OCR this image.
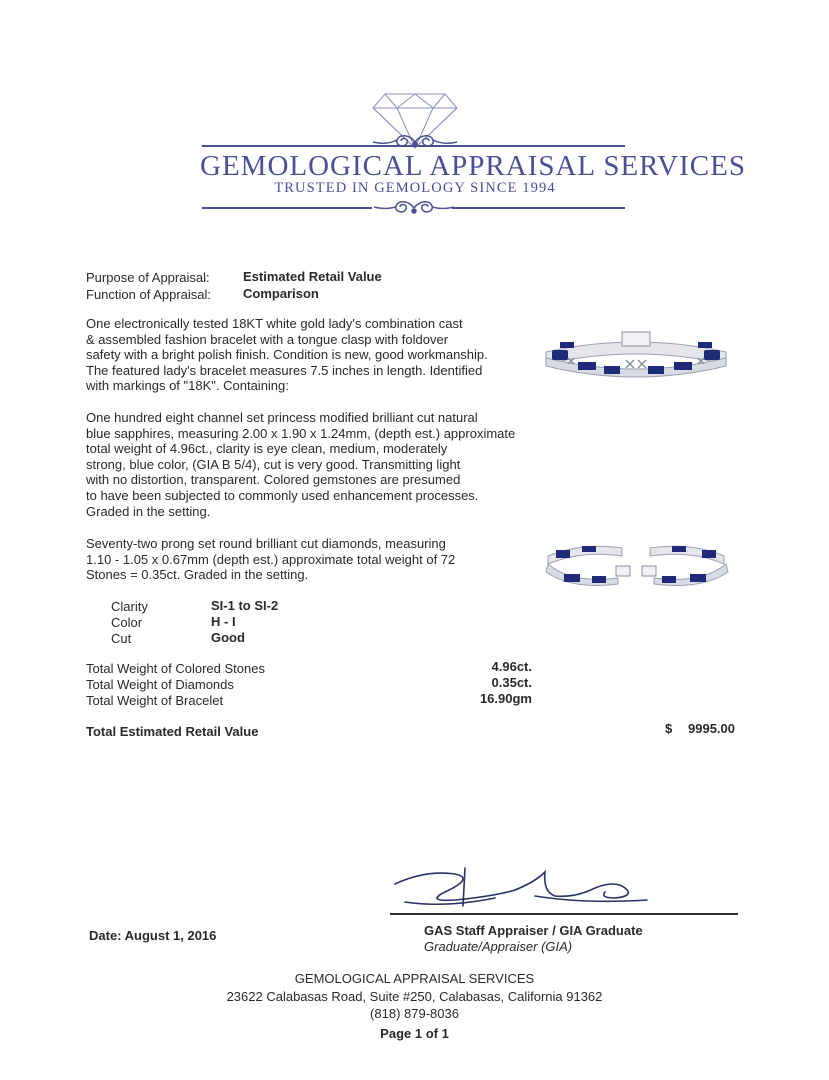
GEMOLOGICAL APPRAISAL SERVICES
TRUSTED IN GEMOLOGY SINCE 1994
Purpose of Appraisal:	Estimated Retail Value
Function of Appraisal: Comparison
One electronically tested 18KT white gold lady's combination cast
& assembled fashion bracelet with a tongue clasp with foldover
safety with a bright polish finish. Condition is new, good workmanship.
The featured lady's bracelet measures 7.5 inches in length. Identified
with markings of "18K". Containing:
One hundred eight channel set princess modified brilliant cut natural
blue sapphires, measuring 2.00 x 1.90 x 1.24mm, (depth est.) approximate
total weight of 4.96ct., clarity is eye clean, medium, moderately
strong, blue color, (GIA B 5/4), cut is very good. Transmitting light
with no distortion, transparent. Colored gemstones are presumed
to have been subjected to commonly used enhancement processes.
Graded in the setting.
Seventy-two prong set round brilliant cut diamonds, measuring
1.10 - 1.05 x 0.67mm (depth est.) approximate total weight of 72
Stones = 0.35ct. Graded in the setting.
Clarity	SI-1 to SI-2
Color	H - I
Cut	Good
Total Weight of Colored Stones	4.96ct.
Total Weight of Diamonds	0.35ct.
Total Weight of Bracelet	16.90gm
Total Estimated Retail Value	$ 9995.00
Date: August 1, 2016	GAS Staff Appraiser / GIA Graduate
Graduate/Appraiser (GIA)
GEMOLOGICAL APPRAISAL SERVICES
23622 Calabasas Road, Suite #250, Calabasas, California 91362
(818) 879-8036
Page 1 of 1
